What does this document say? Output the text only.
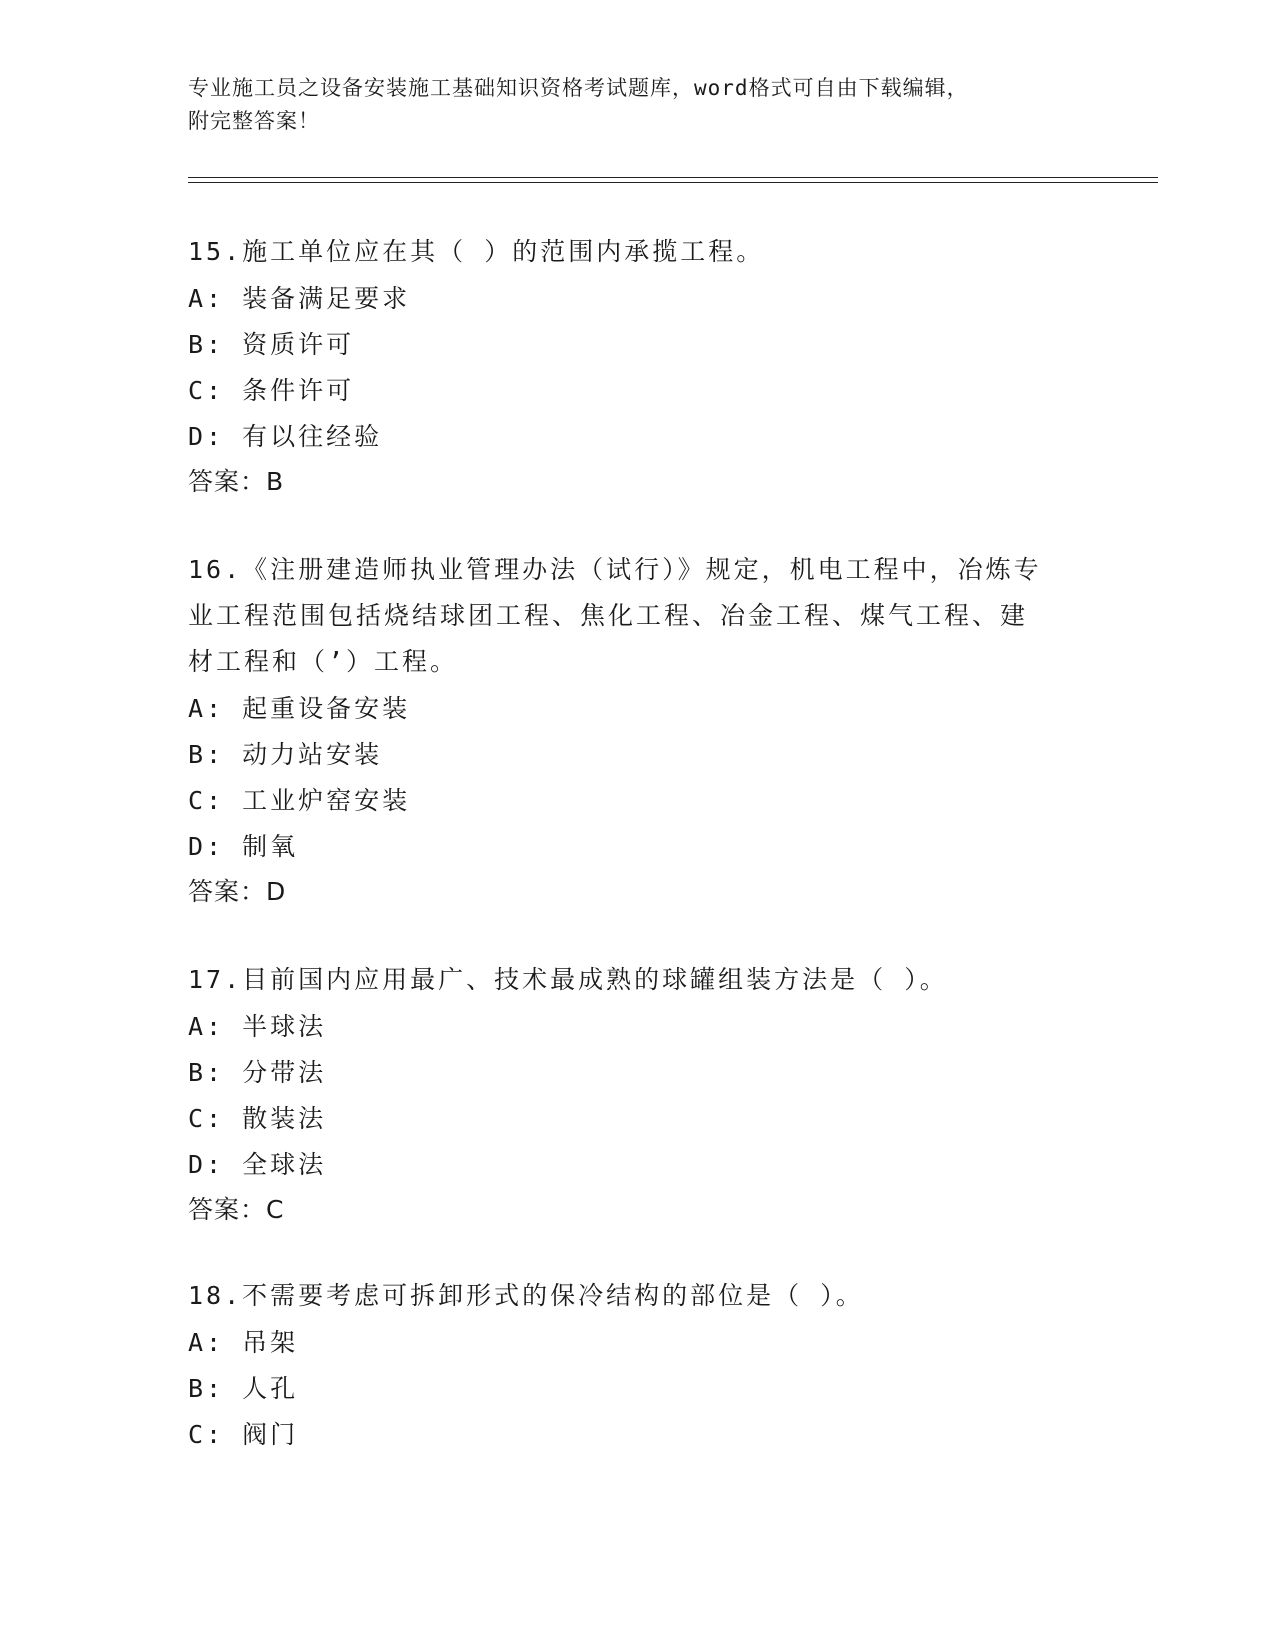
专业施工员之设备安装施工基础知识资格考试题库，word格式可自由下载编辑，
附完整答案！
15.施工单位应在其（ ）的范围内承揽工程。
A: 装备满足要求
B: 资质许可
C: 条件许可
D: 有以往经验
答案：B
16.《注册建造师执业管理办法（试行）》规定，机电工程中，冶炼专
业工程范围包括烧结球团工程、焦化工程、冶金工程、煤气工程、建
材工程和（’）工程。
A: 起重设备安装
B: 动力站安装
C: 工业炉窑安装
D: 制氧
答案：D
17.目前国内应用最广、技术最成熟的球罐组装方法是（ ）。
A: 半球法
B: 分带法
C: 散装法
D: 全球法
答案：C
18.不需要考虑可拆卸形式的保冷结构的部位是（ ）。
A: 吊架
B: 人孔
C: 阀门
